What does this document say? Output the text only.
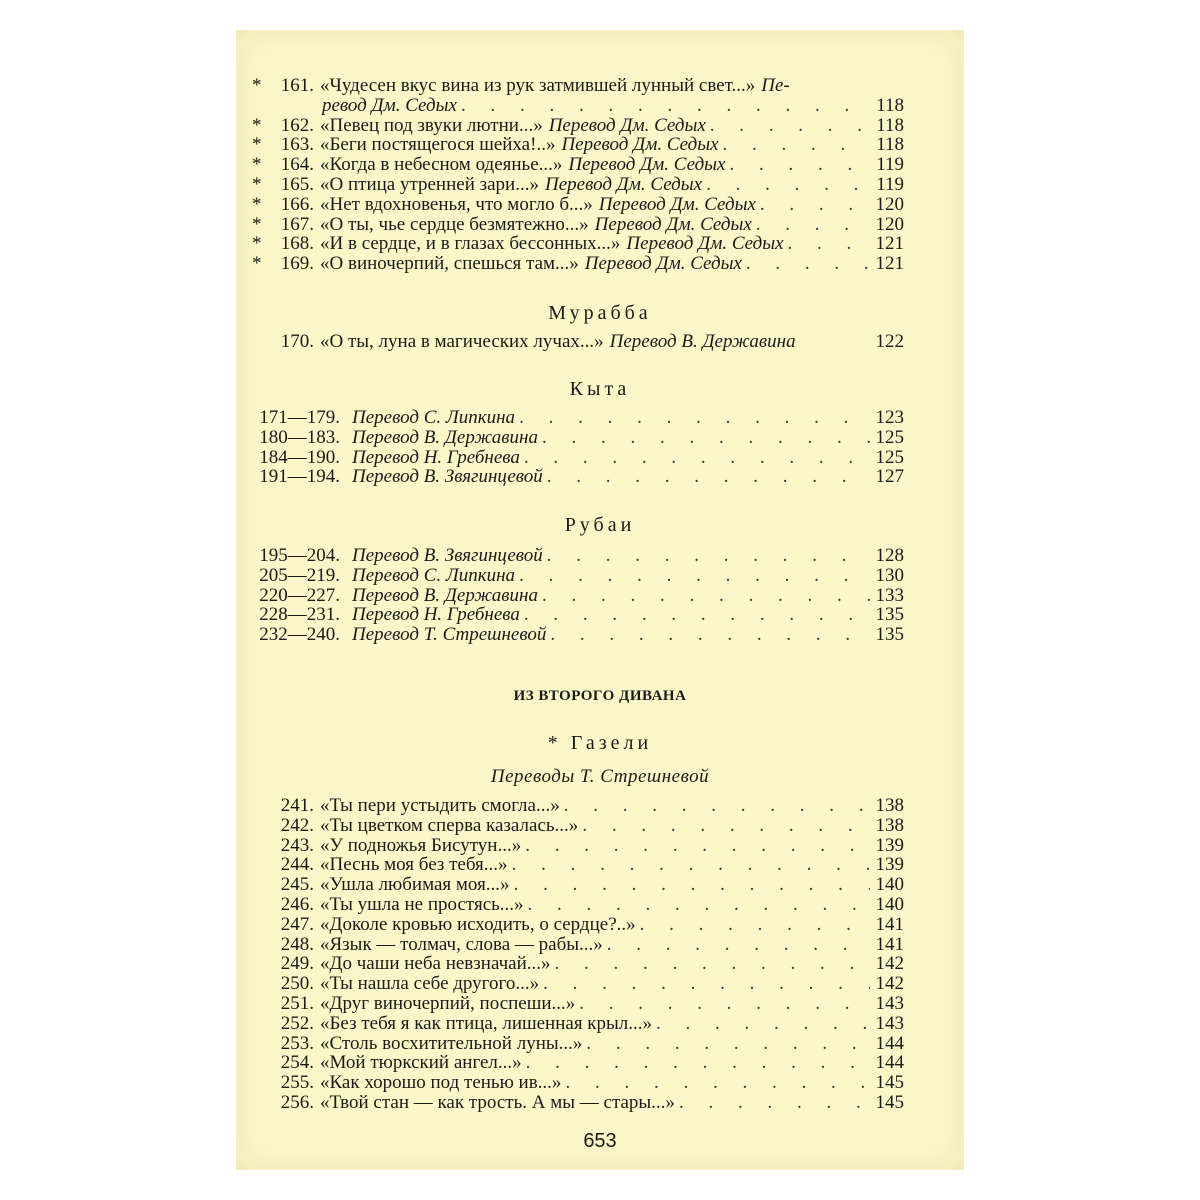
*	161. «Чудесен вкус вина из рук затмившей лунный свет...» Пе-
ревод Дм. Седых . . .	118
*	162. «Певец под звуки лютни...» Перевод Дм. Седых . . .	118
*	163. «Беги постящегося шейха!..» Перевод Дм. Седых . . .	118
*	164. «Когда в небесном одеянье...» Перевод Дм. Седых . . .	119
*	165. «О птица утренней зари...» Перевод Дм. Седых . . .	119
*	166. «Нет вдохновенья, что могло б...» Перевод Дм. Седых . . .	120
*	167. «О ты, чье сердце безмятежно...» Перевод Дм. Седых . . .	120
*	168. «И в сердце, и в глазах бессонных...» Перевод Дм. Седых . . .	121
*	169. «О виночерпий, спешься там...» Перевод Дм. Седых . . .	121
Мурабба
170. «О ты, луна в магических лучах...» Перевод В. Державина	122
Кыта
171—179. Перевод С. Липкина . . .	123
180—183. Перевод В. Державина . . .	125
184—190. Перевод Н. Гребнева . . .	125
191—194. Перевод В. Звягинцевой . . .	127
Рубаи
195—204. Перевод В. Звягинцевой . . .	128
205—219. Перевод С. Липкина . . .	130
220—227. Перевод В. Державина . . .	133
228—231. Перевод Н. Гребнева . . .	135
232—240. Перевод Т. Стрешневой . . .	135
ИЗ ВТОРОГО ДИВАНА
* Газели
Переводы Т. Стрешневой
241. «Ты пери устыдить смогла...» . . .	138
242. «Ты цветком сперва казалась...» . . .	138
243. «У подножья Бисутун...» . . .	139
244. «Песнь моя без тебя...» . . .	139
245. «Ушла любимая моя...» . . .	140
246. «Ты ушла не простясь...» . . .	140
247. «Доколе кровью исходить, о сердце?..» . . .	141
248. «Язык — толмач, слова — рабы...» . . .	141
249. «До чаши неба невзначай...» . . .	142
250. «Ты нашла себе другого...» . . .	142
251. «Друг виночерпий, поспеши...» . . .	143
252. «Без тебя я как птица, лишенная крыл...» . . .	143
253. «Столь восхитительной луны...» . . .	144
254. «Мой тюркский ангел...» . . .	144
255. «Как хорошо под тенью ив...» . . .	145
256. «Твой стан — как трость. А мы — стары...» . . .	145
653
